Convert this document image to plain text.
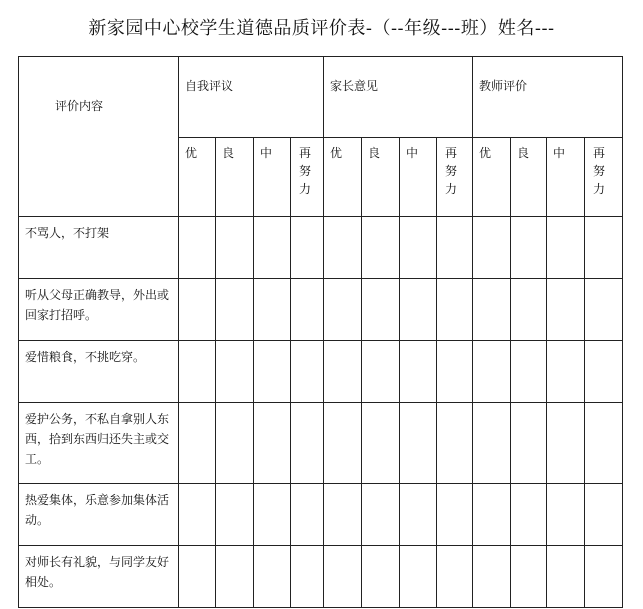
新家园中心校学生道德品质评价表-（--年级---班）姓名---
评价内容	自我评议				家长意见				教师评价			

	优	良	中	再努力	优	良	中	再努力	优	良	中	再努力

不骂人，不打架												

听从父母正确教导，外出或回家打招呼。												

爱惜粮食，不挑吃穿。												

爱护公务，不私自拿别人东西，拾到东西归还失主或交工。												

热爱集体，乐意参加集体活动。												

对师长有礼貌，与同学友好相处。												
